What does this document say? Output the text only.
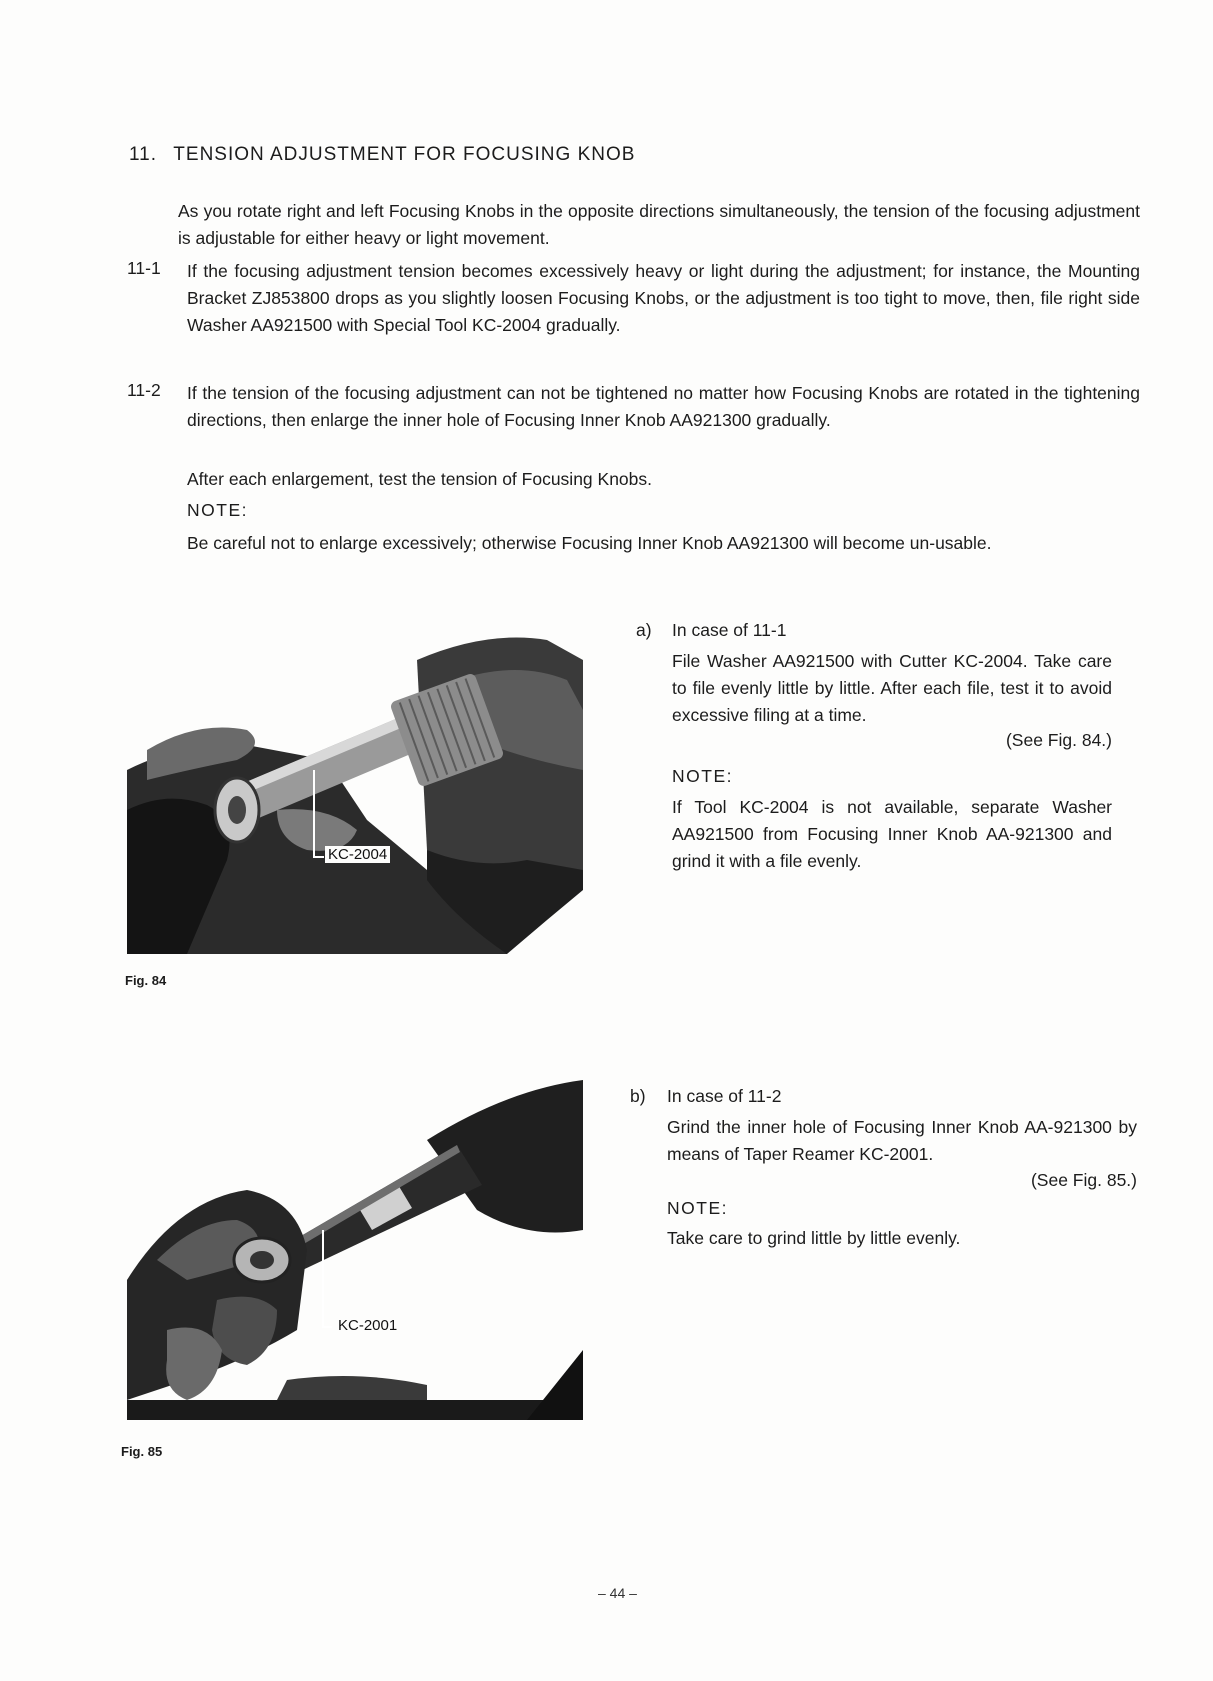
11. TENSION ADJUSTMENT FOR FOCUSING KNOB
As you rotate right and left Focusing Knobs in the opposite directions simultaneously, the tension of the focusing adjustment is adjustable for either heavy or light movement.
11-1 If the focusing adjustment tension becomes excessively heavy or light during the adjustment; for instance, the Mounting Bracket ZJ853800 drops as you slightly loosen Focusing Knobs, or the adjustment is too tight to move, then, file right side Washer AA921500 with Special Tool KC-2004 gradually.
11-2 If the tension of the focusing adjustment can not be tightened no matter how Focusing Knobs are rotated in the tightening directions, then enlarge the inner hole of Focusing Inner Knob AA921300 gradually.
After each enlargement, test the tension of Focusing Knobs.
NOTE:
Be careful not to enlarge excessively; otherwise Focusing Inner Knob AA921300 will become un-usable.
KC-2004
Fig. 84
a) In case of 11-1
File Washer AA921500 with Cutter KC-2004. Take care to file evenly little by little. After each file, test it to avoid excessive filing at a time.
(See Fig. 84.)
NOTE:
If Tool KC-2004 is not available, separate Washer AA921500 from Focusing Inner Knob AA-921300 and grind it with a file evenly.
KC-2001
Fig. 85
b) In case of 11-2
Grind the inner hole of Focusing Inner Knob AA-921300 by means of Taper Reamer KC-2001.
(See Fig. 85.)
NOTE:
Take care to grind little by little evenly.
– 44 –
